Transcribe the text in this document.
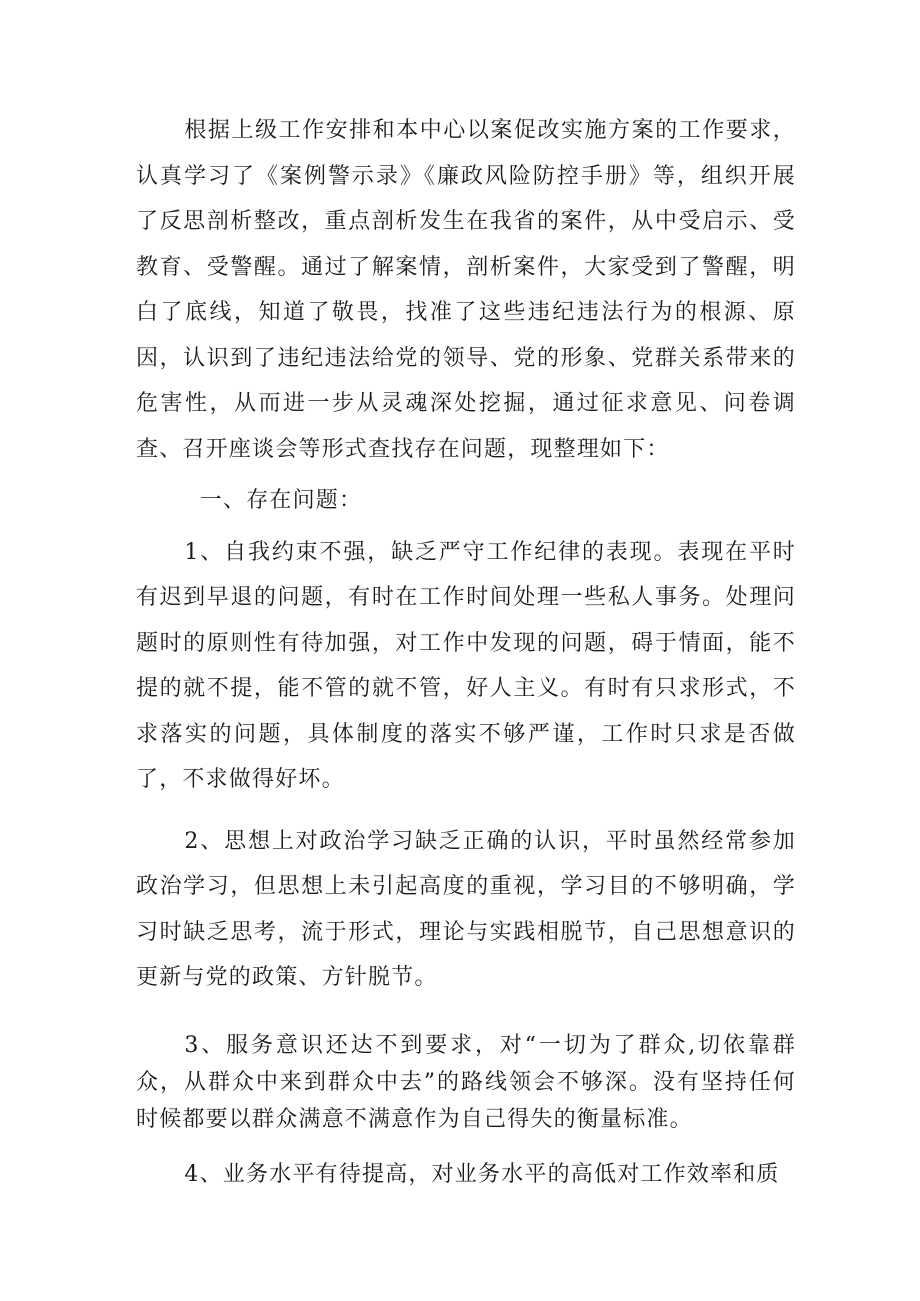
根据上级工作安排和本中心以案促改实施方案的工作要求，认真学习了《案例警示录》《廉政风险防控手册》等，组织开展了反思剖析整改，重点剖析发生在我省的案件，从中受启示、受教育、受警醒。通过了解案情，剖析案件，大家受到了警醒，明白了底线，知道了敬畏，找准了这些违纪违法行为的根源、原因，认识到了违纪违法给党的领导、党的形象、党群关系带来的危害性，从而进一步从灵魂深处挖掘，通过征求意见、问卷调查、召开座谈会等形式查找存在问题，现整理如下：

一、存在问题：

1、自我约束不强，缺乏严守工作纪律的表现。表现在平时有迟到早退的问题，有时在工作时间处理一些私人事务。处理问题时的原则性有待加强，对工作中发现的问题，碍于情面，能不提的就不提，能不管的就不管，好人主义。有时有只求形式，不求落实的问题，具体制度的落实不够严谨，工作时只求是否做了，不求做得好坏。

2、思想上对政治学习缺乏正确的认识，平时虽然经常参加政治学习，但思想上未引起高度的重视，学习目的不够明确，学习时缺乏思考，流于形式，理论与实践相脱节，自己思想意识的更新与党的政策、方针脱节。

3、服务意识还达不到要求，对“一切为了群众,切依靠群众，从群众中来到群众中去”的路线领会不够深。没有坚持任何时候都要以群众满意不满意作为自己得失的衡量标准。

4、业务水平有待提高，对业务水平的高低对工作效率和质
